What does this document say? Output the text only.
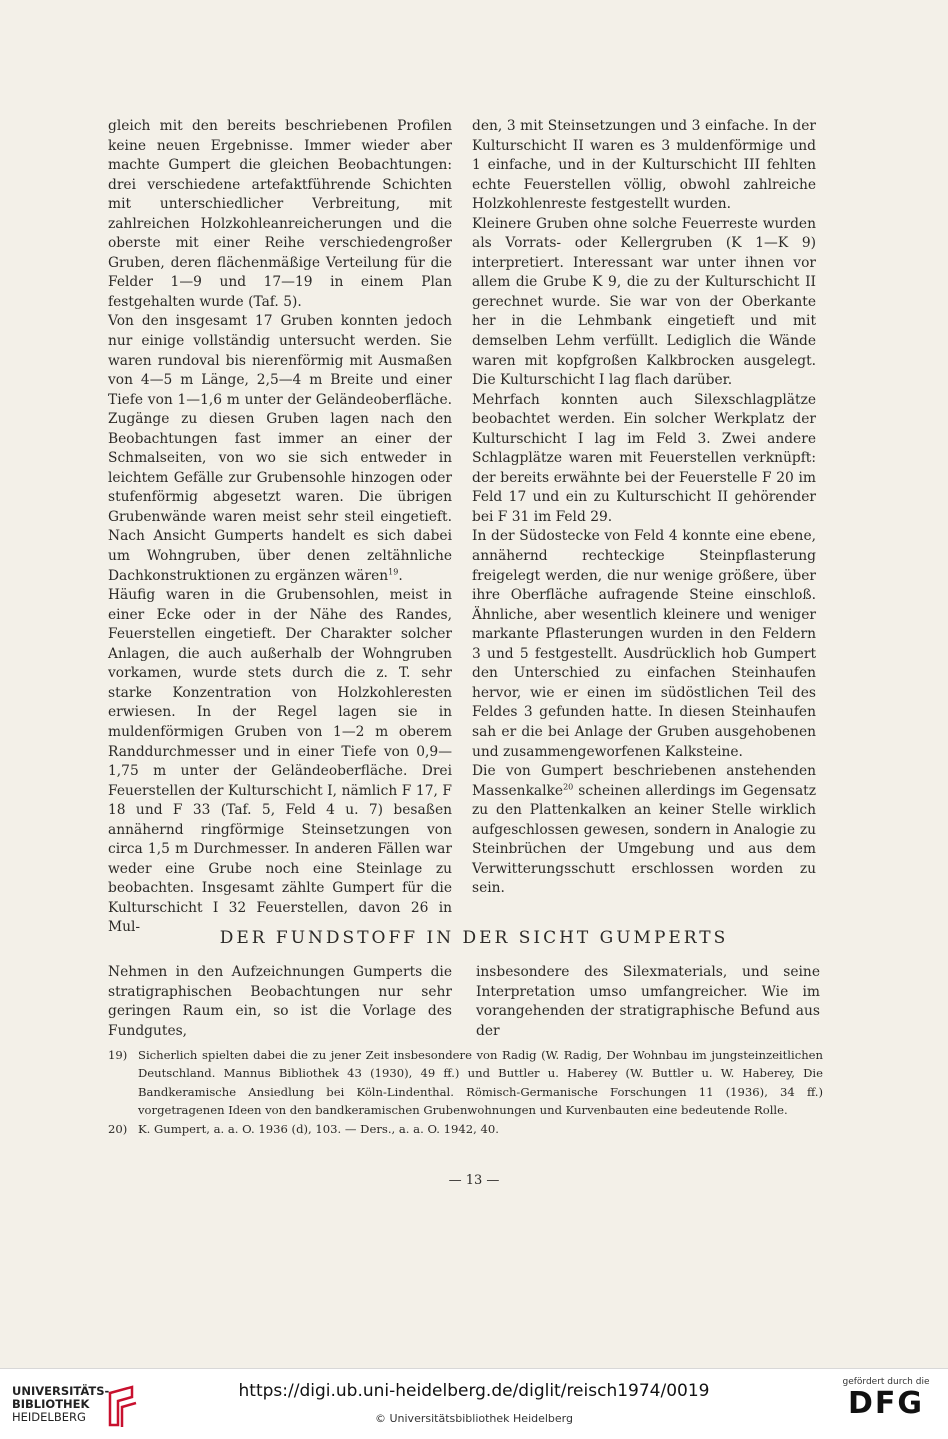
gleich mit den bereits beschriebenen Profilen keine neuen Ergebnisse. Immer wieder aber machte Gumpert die gleichen Beobachtungen: drei verschiedene artefaktführende Schichten mit unterschiedlicher Verbreitung, mit zahlreichen Holzkohleanreicherungen und die oberste mit einer Reihe verschiedengroßer Gruben, deren flächenmäßige Verteilung für die Felder 1—9 und 17—19 in einem Plan festgehalten wurde (Taf. 5).

Von den insgesamt 17 Gruben konnten jedoch nur einige vollständig untersucht werden. Sie waren rundoval bis nierenförmig mit Ausmaßen von 4—5 m Länge, 2,5—4 m Breite und einer Tiefe von 1—1,6 m unter der Geländeoberfläche. Zugänge zu diesen Gruben lagen nach den Beobachtungen fast immer an einer der Schmalseiten, von wo sie sich entweder in leichtem Gefälle zur Grubensohle hinzogen oder stufenförmig abgesetzt waren. Die übrigen Grubenwände waren meist sehr steil eingetieft. Nach Ansicht Gumperts handelt es sich dabei um Wohngruben, über denen zeltähnliche Dachkonstruktionen zu ergänzen wären$^{19}$.

Häufig waren in die Grubensohlen, meist in einer Ecke oder in der Nähe des Randes, Feuerstellen eingetieft. Der Charakter solcher Anlagen, die auch außerhalb der Wohngruben vorkamen, wurde stets durch die z. T. sehr starke Konzentration von Holzkohleresten erwiesen. In der Regel lagen sie in muldenförmigen Gruben von 1—2 m oberem Randdurchmesser und in einer Tiefe von 0,9—1,75 m unter der Geländeoberfläche. Drei Feuerstellen der Kulturschicht I, nämlich F 17, F 18 und F 33 (Taf. 5, Feld 4 u. 7) besaßen annähernd ringförmige Steinsetzungen von circa 1,5 m Durchmesser. In anderen Fällen war weder eine Grube noch eine Steinlage zu beobachten. Insgesamt zählte Gumpert für die Kulturschicht I 32 Feuerstellen, davon 26 in Mul-

den, 3 mit Steinsetzungen und 3 einfache. In der Kulturschicht II waren es 3 muldenförmige und 1 einfache, und in der Kulturschicht III fehlten echte Feuerstellen völlig, obwohl zahlreiche Holzkohlenreste festgestellt wurden.

Kleinere Gruben ohne solche Feuerreste wurden als Vorrats- oder Kellergruben (K 1—K 9) interpretiert. Interessant war unter ihnen vor allem die Grube K 9, die zu der Kulturschicht II gerechnet wurde. Sie war von der Oberkante her in die Lehmbank eingetieft und mit demselben Lehm verfüllt. Lediglich die Wände waren mit kopfgroßen Kalkbrocken ausgelegt. Die Kulturschicht I lag flach darüber.

Mehrfach konnten auch Silexschlagplätze beobachtet werden. Ein solcher Werkplatz der Kulturschicht I lag im Feld 3. Zwei andere Schlagplätze waren mit Feuerstellen verknüpft: der bereits erwähnte bei der Feuerstelle F 20 im Feld 17 und ein zu Kulturschicht II gehörender bei F 31 im Feld 29.

In der Südostecke von Feld 4 konnte eine ebene, annähernd rechteckige Steinpflasterung freigelegt werden, die nur wenige größere, über ihre Oberfläche aufragende Steine einschloß. Ähnliche, aber wesentlich kleinere und weniger markante Pflasterungen wurden in den Feldern 3 und 5 festgestellt. Ausdrücklich hob Gumpert den Unterschied zu einfachen Steinhaufen hervor, wie er einen im südöstlichen Teil des Feldes 3 gefunden hatte. In diesen Steinhaufen sah er die bei Anlage der Gruben ausgehobenen und zusammengeworfenen Kalksteine.

Die von Gumpert beschriebenen anstehenden Massenkalke$^{20}$ scheinen allerdings im Gegensatz zu den Plattenkalken an keiner Stelle wirklich aufgeschlossen gewesen, sondern in Analogie zu Steinbrüchen der Umgebung und aus dem Verwitterungsschutt erschlossen worden zu sein.

DER FUNDSTOFF IN DER SICHT GUMPERTS

Nehmen in den Aufzeichnungen Gumperts die stratigraphischen Beobachtungen nur sehr geringen Raum ein, so ist die Vorlage des Fundgutes,

insbesondere des Silexmaterials, und seine Interpretation umso umfangreicher. Wie im vorangehenden der stratigraphische Befund aus der

19) Sicherlich spielten dabei die zu jener Zeit insbesondere von Radig (W. Radig, Der Wohnbau im jungsteinzeitlichen Deutschland. Mannus Bibliothek 43 (1930), 49 ff.) und Buttler u. Haberey (W. Buttler u. W. Haberey, Die Bandkeramische Ansiedlung bei Köln-Lindenthal. Römisch-Germanische Forschungen 11 (1936), 34 ff.) vorgetragenen Ideen von den bandkeramischen Grubenwohnungen und Kurvenbauten eine bedeutende Rolle.
20) K. Gumpert, a. a. O. 1936 (d), 103. — Ders., a. a. O. 1942, 40.
— 13 —
UNIVERSITÄTS-
BIBLIOTHEK
HEIDELBERG
https://digi.ub.uni-heidelberg.de/diglit/reisch1974/0019
© Universitätsbibliothek Heidelberg
gefördert durch die
DFG
